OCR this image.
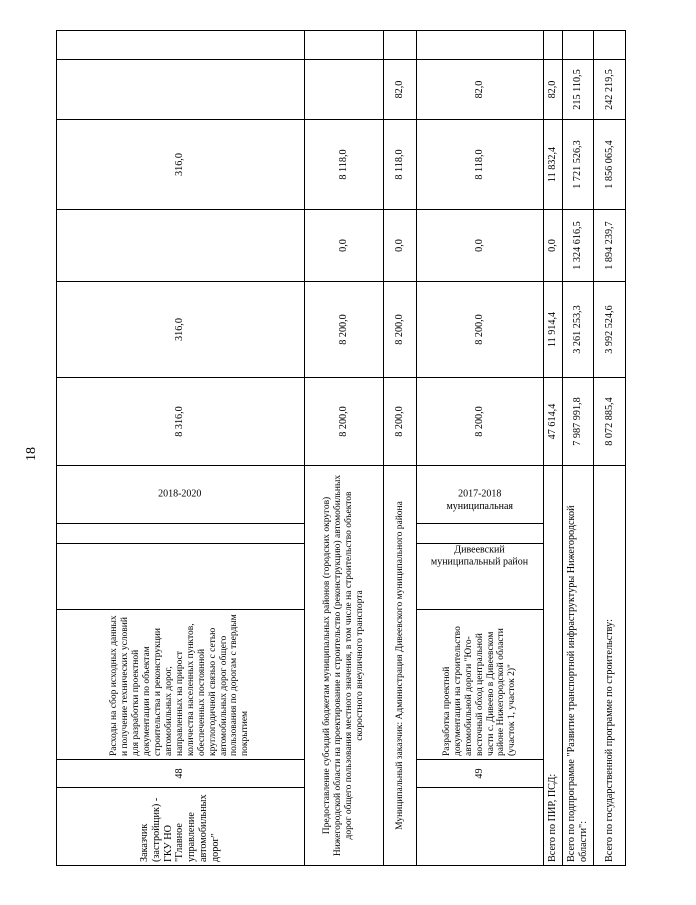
18
Заказчик (застройщик) - ГКУ НО "Главное управление автомобильных дорог"	48	Расходы на сбор исходных данных и получение технических условий для разработки проектной документации по объектам строительства и реконструкции автомобильных дорог, направленных на прирост количества населенных пунктов, обеспеченных постоянной круглогодичной связью с сетью автомобильных дорог общего пользования по дорогам с твердым покрытием			2018-2020	8 316,0	316,0		316,0		
Предоставление субсидий бюджетам муниципальных районов (городских округов) Нижегородской области на проектирование и строительство (реконструкцию) автомобильных дорог общего пользования местного значения, в том числе на строительство объектов скоростного внеуличного транспорта						8 200,0	8 200,0	0,0	8 118,0		
Муниципальный заказчик: Администрация Дивеевского муниципального района						8 200,0	8 200,0	0,0	8 118,0	82,0	
	49	Разработка проектной документации на строительство автомобильной дороги "Юго-восточный обход центральной части с. Дивеево в Дивеевском районе Нижегородской области (участок 1, участок 2)"	Дивеевский муниципальный район	муниципальная	2017-2018	8 200,0	8 200,0	0,0	8 118,0	82,0	
Всего по ПИР, ПСД:						47 614,4	11 914,4	0,0	11 832,4	82,0	
Всего по подпрограмме "Развитие транспортной инфраструктуры Нижегородской области":						7 987 991,8	3 261 253,3	1 324 616,5	1 721 526,3	215 110,5	
Всего по государственной программе по строительству:						8 072 885,4	3 992 524,6	1 894 239,7	1 856 065,4	242 219,5	
